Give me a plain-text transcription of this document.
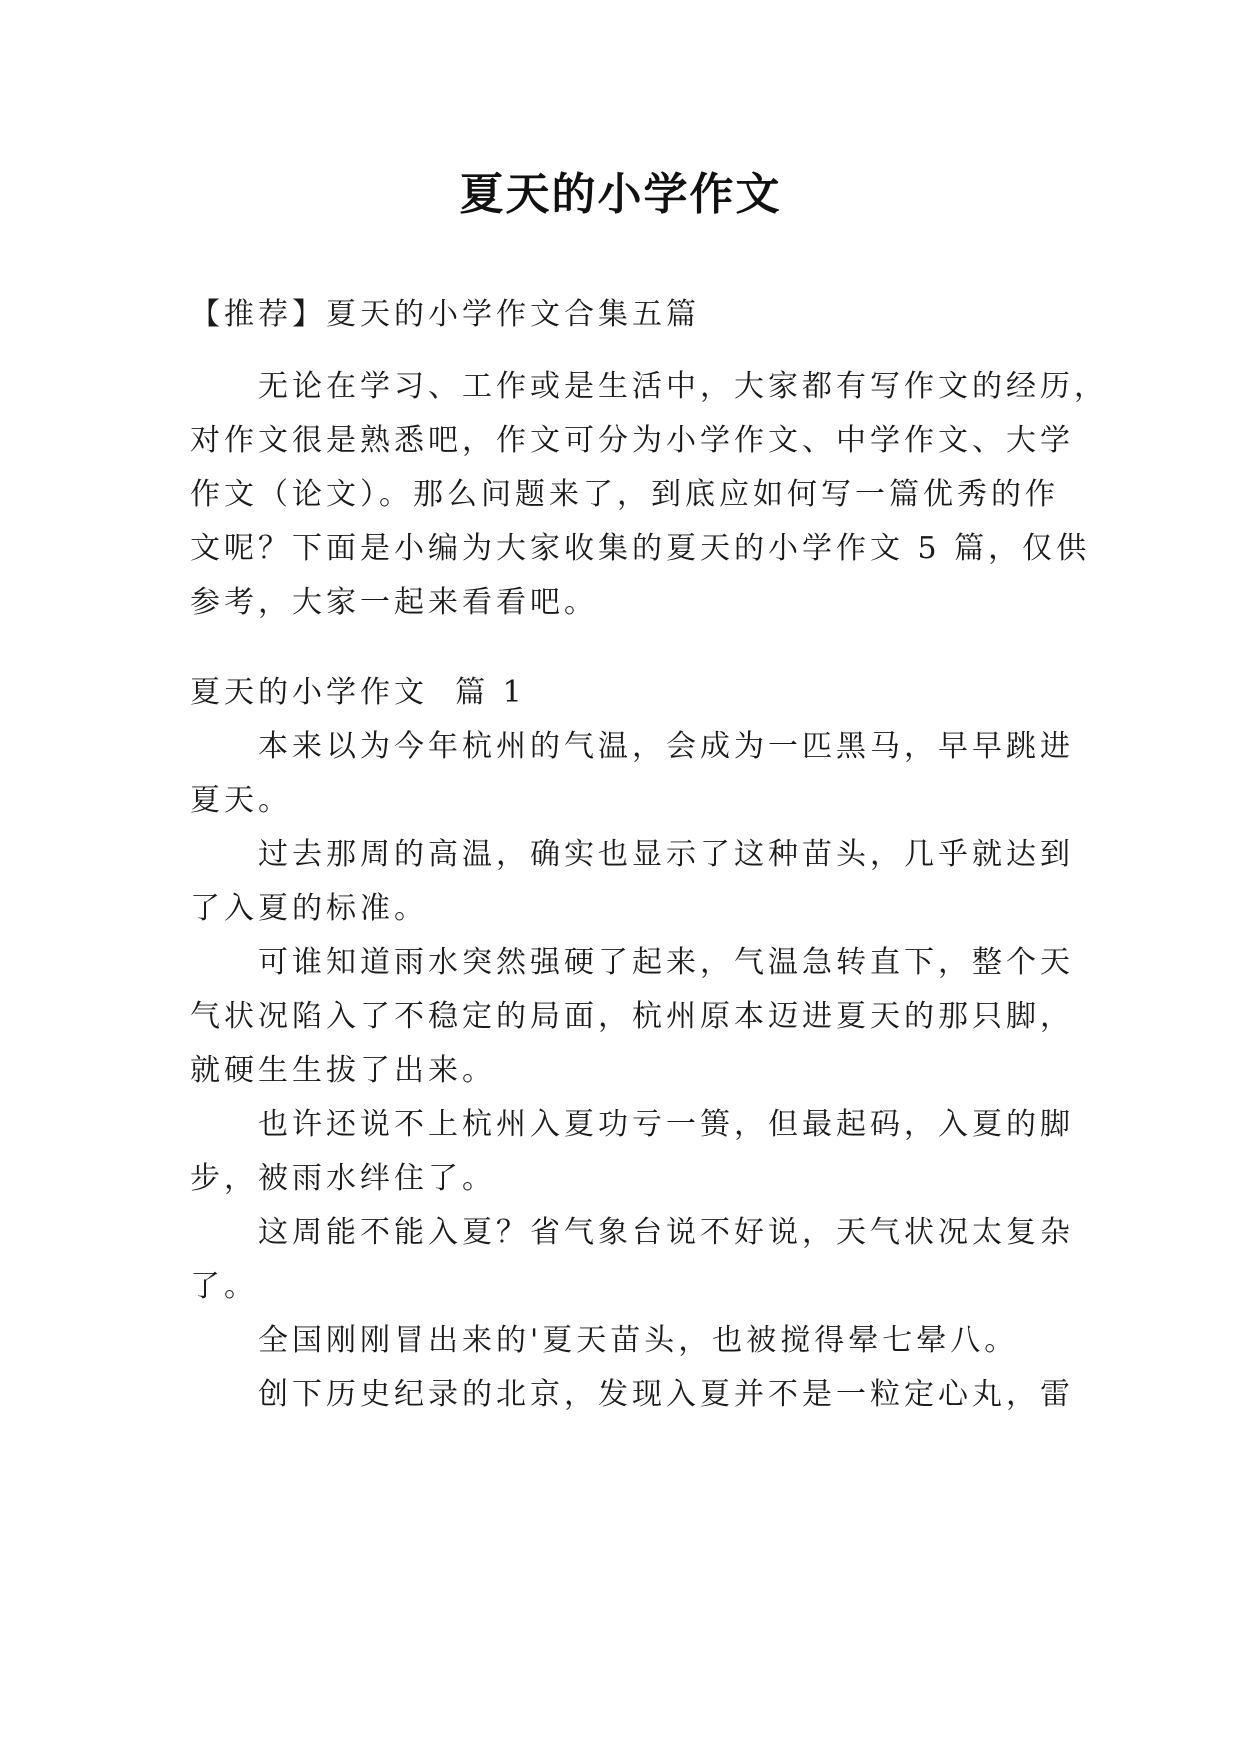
夏天的小学作文
【推荐】夏天的小学作文合集五篇
无论在学习、工作或是生活中，大家都有写作文的经历，
对作文很是熟悉吧，作文可分为小学作文、中学作文、大学
作文（论文）。那么问题来了，到底应如何写一篇优秀的作
文呢？下面是小编为大家收集的夏天的小学作文 5 篇，仅供
参考，大家一起来看看吧。
夏天的小学作文  篇 1
本来以为今年杭州的气温，会成为一匹黑马，早早跳进
夏天。
过去那周的高温，确实也显示了这种苗头，几乎就达到
了入夏的标准。
可谁知道雨水突然强硬了起来，气温急转直下，整个天
气状况陷入了不稳定的局面，杭州原本迈进夏天的那只脚，
就硬生生拔了出来。
也许还说不上杭州入夏功亏一篑，但最起码，入夏的脚
步，被雨水绊住了。
这周能不能入夏？省气象台说不好说，天气状况太复杂
了。
全国刚刚冒出来的'夏天苗头，也被搅得晕七晕八。
创下历史纪录的北京，发现入夏并不是一粒定心丸，雷
